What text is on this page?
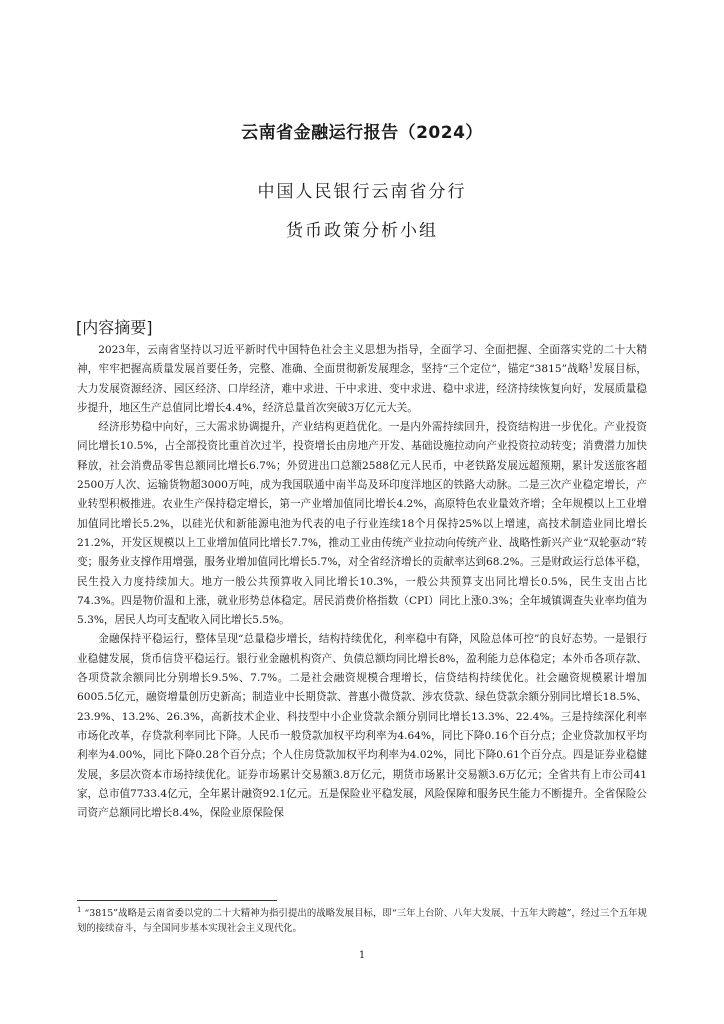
云南省金融运行报告（2024）
中国人民银行云南省分行
货币政策分析小组
[内容摘要]

2023年，云南省坚持以习近平新时代中国特色社会主义思想为指导，全面学习、全面把握、全面落实党的二十大精神，牢牢把握高质量发展首要任务，完整、准确、全面贯彻新发展理念，坚持“三个定位”，锚定“3815”战略$^1$发展目标，大力发展资源经济、园区经济、口岸经济，难中求进、干中求进、变中求进、稳中求进，经济持续恢复向好，发展质量稳步提升，地区生产总值同比增长4.4%，经济总量首次突破3万亿元大关。

经济形势稳中向好，三大需求协调提升，产业结构更趋优化。一是内外需持续回升，投资结构进一步优化。产业投资同比增长10.5%，占全部投资比重首次过半，投资增长由房地产开发、基础设施拉动向产业投资拉动转变；消费潜力加快释放，社会消费品零售总额同比增长6.7%；外贸进出口总额2588亿元人民币，中老铁路发展远超预期，累计发送旅客超2500万人次、运输货物超3000万吨，成为我国联通中南半岛及环印度洋地区的铁路大动脉。二是三次产业稳定增长，产业转型积极推进。农业生产保持稳定增长，第一产业增加值同比增长4.2%，高原特色农业量效齐增；全年规模以上工业增加值同比增长5.2%，以硅光伏和新能源电池为代表的电子行业连续18个月保持25%以上增速，高技术制造业同比增长21.2%，开发区规模以上工业增加值同比增长7.7%，推动工业由传统产业拉动向传统产业、战略性新兴产业“双轮驱动”转变；服务业支撑作用增强，服务业增加值同比增长5.7%，对全省经济增长的贡献率达到68.2%。三是财政运行总体平稳，民生投入力度持续加大。地方一般公共预算收入同比增长10.3%，一般公共预算支出同比增长0.5%，民生支出占比74.3%。四是物价温和上涨，就业形势总体稳定。居民消费价格指数（CPI）同比上涨0.3%；全年城镇调查失业率均值为5.3%，居民人均可支配收入同比增长5.5%。

金融保持平稳运行，整体呈现“总量稳步增长，结构持续优化，利率稳中有降，风险总体可控”的良好态势。一是银行业稳健发展，货币信贷平稳运行。银行业金融机构资产、负债总额均同比增长8%，盈利能力总体稳定；本外币各项存款、各项贷款余额同比分别增长9.5%、7.7%。二是社会融资规模合理增长，信贷结构持续优化。社会融资规模累计增加6005.5亿元，融资增量创历史新高；制造业中长期贷款、普惠小微贷款、涉农贷款、绿色贷款余额分别同比增长18.5%、23.9%、13.2%、26.3%，高新技术企业、科技型中小企业贷款余额分别同比增长13.3%、22.4%。三是持续深化利率市场化改革，存贷款利率同比下降。人民币一般贷款加权平均利率为4.64%，同比下降0.16个百分点；企业贷款加权平均利率为4.00%，同比下降0.28个百分点；个人住房贷款加权平均利率为4.02%，同比下降0.61个百分点。四是证券业稳健发展，多层次资本市场持续优化。证券市场累计交易额3.8万亿元，期货市场累计交易额3.6万亿元；全省共有上市公司41家，总市值7733.4亿元，全年累计融资92.1亿元。五是保险业平稳发展，风险保障和服务民生能力不断提升。全省保险公司资产总额同比增长8.4%，保险业原保险保

$^1$ “3815”战略是云南省委以党的二十大精神为指引提出的战略发展目标，即“三年上台阶、八年大发展、十五年大跨越”，经过三个五年规划的接续奋斗，与全国同步基本实现社会主义现代化。
1
